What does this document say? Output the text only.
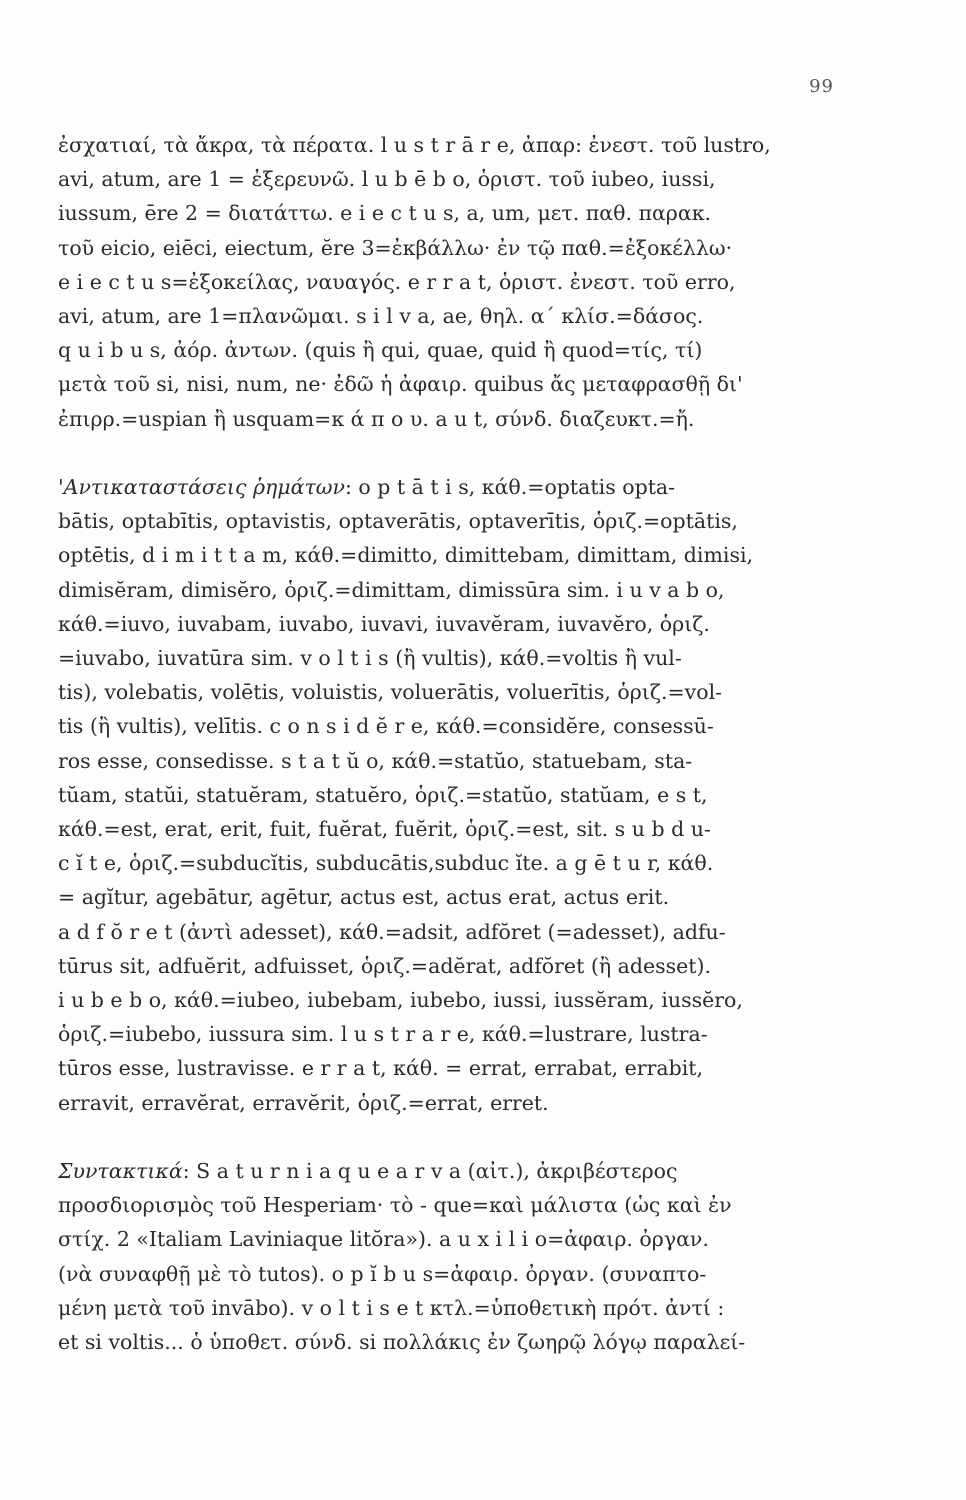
99
ἐσχατιαί, τὰ ἄκρα, τὰ πέρατα. l u s t r ā r e, ἀπαρ: ἐνεστ. τοῦ lustro,
avi, atum, are 1 = ἐξερευνῶ. l u b ē b o, ὁριστ. τοῦ iubeo, iussi,
iussum, ēre 2 = διατάττω. e i e c t u s, a, um, μετ. παθ. παρακ.
τοῦ eicio, eiēci, eiectum, ĕre 3=ἐκβάλλω· ἐν τῷ παθ.=ἐξοκέλλω·
e i e c t u s=ἐξοκείλας, ναυαγός. e r r a t, ὁριστ. ἐνεστ. τοῦ erro,
avi, atum, are 1=πλανῶμαι. s i l v a, ae, θηλ. α΄ κλίσ.=δάσος.
q u i b u s, ἀόρ. ἀντων. (quis ἢ qui, quae, quid ἢ quod=τίς, τί)
μετὰ τοῦ si, nisi, num, ne· ἐδῶ ἡ ἀφαιρ. quibus ἄς μεταφρασθῇ δι'
ἐπιρρ.=uspian ἢ usquam=κ ά π ο υ. a u t, σύνδ. διαζευκτ.=ἤ.
'Αντικαταστάσεις ῥημάτων: o p t ā t i s, κάθ.=optatis opta-
bātis, optabītis, optavistis, optaverātis, optaverītis, ὁριζ.=optātis,
optētis, d i m i t t a m, κάθ.=dimitto, dimittebam, dimittam, dimisi,
dimisĕram, dimisĕro, ὁριζ.=dimittam, dimissūra sim. i u v a b o,
κάθ.=iuvo, iuvabam, iuvabo, iuvavi, iuvavĕram, iuvavĕro, ὁριζ.
=iuvabo, iuvatūra sim. v o l t i s (ἢ vultis), κάθ.=voltis ἢ vul-
tis), volebatis, volētis, voluistis, voluerātis, voluerītis, ὁριζ.=vol-
tis (ἢ vultis), velītis. c o n s i d ĕ r e, κάθ.=considĕre, consessū-
ros esse, consedisse. s t a t ŭ o, κάθ.=statŭo, statuebam, sta-
tŭam, statŭi, statuĕram, statuĕro, ὁριζ.=statŭo, statŭam, e s t,
κάθ.=est, erat, erit, fuit, fuĕrat, fuĕrit, ὁριζ.=est, sit. s u b d u-
c ĭ t e, ὁριζ.=subducĭtis, subducātis,subduc ĭte. a g ē t u r, κάθ.
= agĭtur, agebātur, agētur, actus est, actus erat, actus erit.
a d f ŏ r e t (ἀντὶ adesset), κάθ.=adsit, adfŏret (=adesset), adfu-
tūrus sit, adfuĕrit, adfuisset, ὁριζ.=adĕrat, adfŏret (ἢ adesset).
i u b e b o, κάθ.=iubeo, iubebam, iubebo, iussi, iussĕram, iussĕro,
ὁριζ.=iubebo, iussura sim. l u s t r a r e, κάθ.=lustrare, lustra-
tūros esse, lustravisse. e r r a t, κάθ. = errat, errabat, errabit,
erravit, erravĕrat, erravĕrit, ὁριζ.=errat, erret.
Συντακτικά: S a t u r n i a q u e a r v a (αἰτ.), ἀκριβέστερος
προσδιορισμὸς τοῦ Hesperiam· τὸ - que=καὶ μάλιστα (ὡς καὶ ἐν
στίχ. 2 «Italiam Laviniaque litŏra»). a u x i l i o=ἀφαιρ. ὀργαν.
(νὰ συναφθῇ μὲ τὸ tutos). o p ĭ b u s=ἀφαιρ. ὀργαν. (συναπτο-
μένη μετὰ τοῦ invābo). v o l t i s e t κτλ.=ὑποθετικὴ πρότ. ἀντί :
et si voltis... ὁ ὑποθετ. σύνδ. si πολλάκις ἐν ζωηρῷ λόγῳ παραλεί-
